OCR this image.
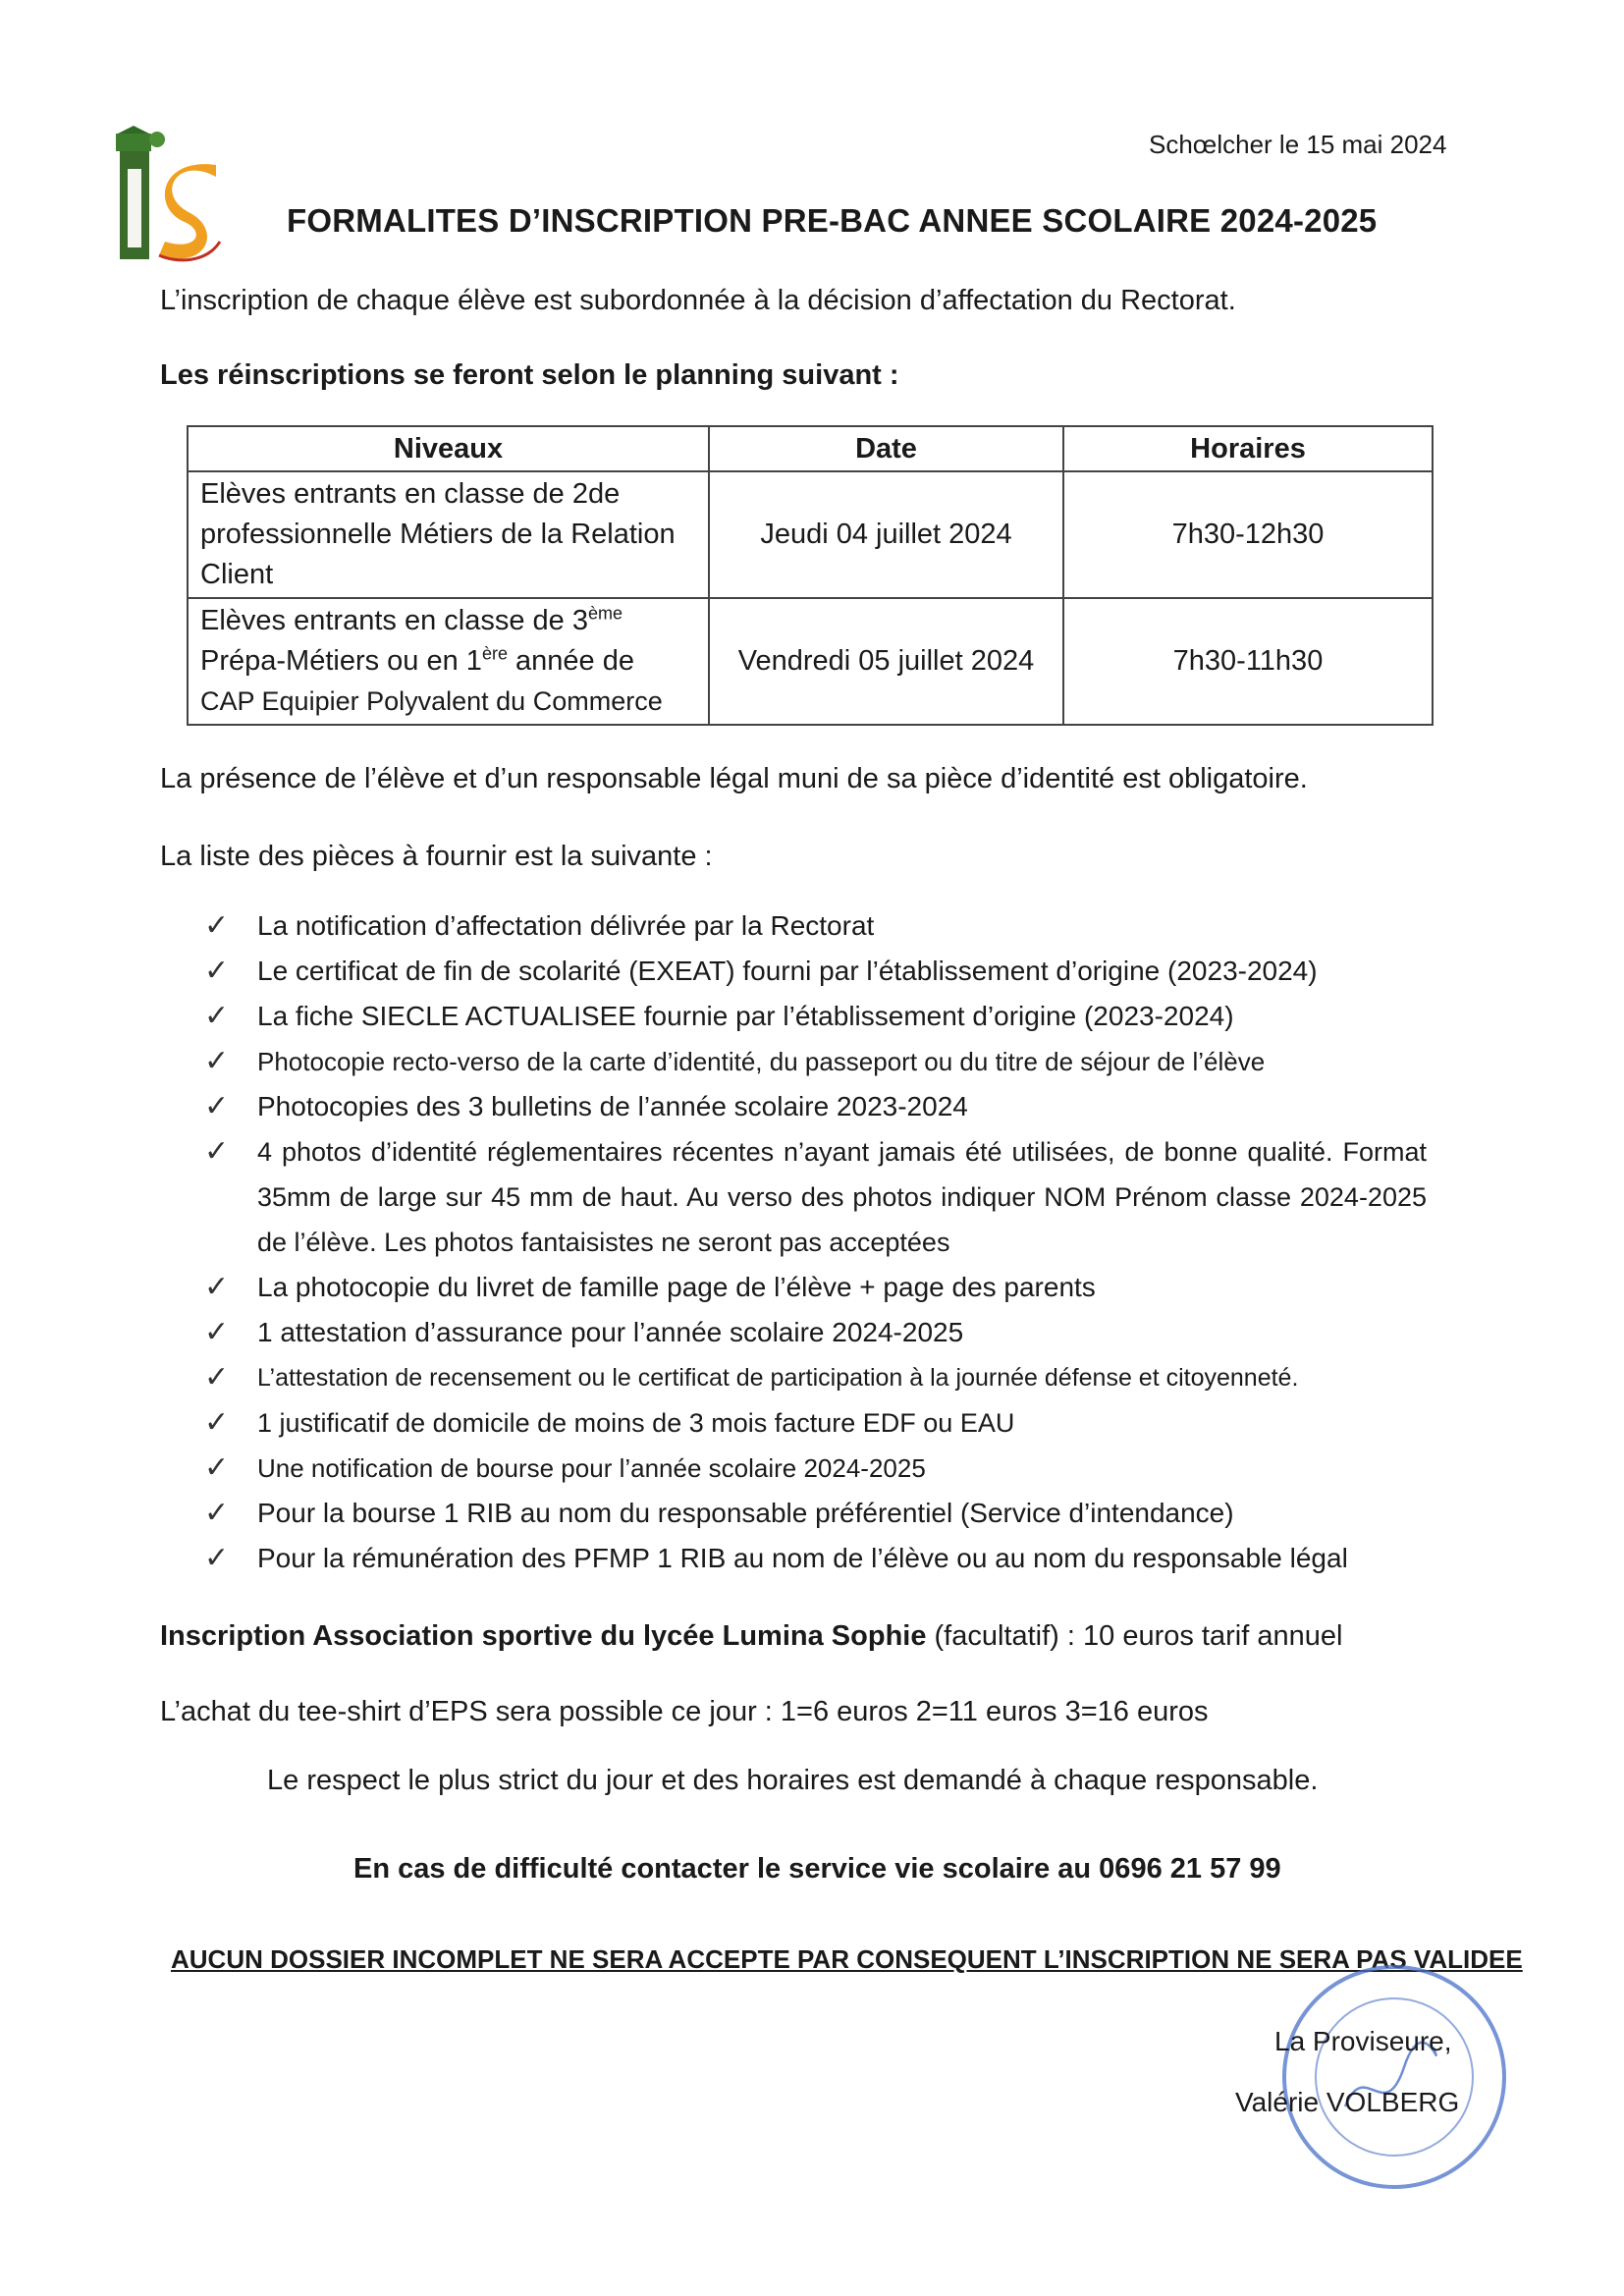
Schœlcher le 15 mai 2024
FORMALITES D’INSCRIPTION PRE-BAC ANNEE SCOLAIRE 2024-2025
L’inscription de chaque élève est subordonnée à la décision d’affectation du Rectorat.
Les réinscriptions se feront selon le planning suivant :
Niveaux	Date	Horaires
Elèves entrants en classe de 2de
professionnelle Métiers de la Relation
Client	Jeudi 04 juillet 2024	7h30-12h30
Elèves entrants en classe de 3ème
Prépa-Métiers ou en 1ère année de
CAP Equipier Polyvalent du Commerce	Vendredi 05 juillet 2024	7h30-11h30
La présence de l’élève et d’un responsable légal muni de sa pièce d’identité est obligatoire.
La liste des pièces à fournir est la suivante :
✓	La notification d’affectation délivrée par la Rectorat
✓	Le certificat de fin de scolarité (EXEAT) fourni par l’établissement d’origine (2023-2024)
✓	La fiche SIECLE ACTUALISEE fournie par l’établissement d’origine (2023-2024)
✓	Photocopie recto-verso de la carte d’identité, du passeport ou du titre de séjour de l’élève
✓	Photocopies des 3 bulletins de l’année scolaire 2023-2024
✓	4 photos d’identité réglementaires récentes n’ayant jamais été utilisées, de bonne qualité. Format 35mm de large sur 45 mm de haut. Au verso des photos indiquer NOM Prénom classe 2024-2025 de l’élève. Les photos fantaisistes ne seront pas acceptées
✓	La photocopie du livret de famille page de l’élève + page des parents
✓	1 attestation d’assurance pour l’année scolaire 2024-2025
✓	L’attestation de recensement ou le certificat de participation à la journée défense et citoyenneté.
✓	1 justificatif de domicile de moins de 3 mois facture EDF ou EAU
✓	Une notification de bourse pour l’année scolaire 2024-2025
✓	Pour la bourse 1 RIB au nom du responsable préférentiel (Service d’intendance)
✓	Pour la rémunération des PFMP 1 RIB au nom de l’élève ou au nom du responsable légal
Inscription Association sportive du lycée Lumina Sophie (facultatif) : 10 euros tarif annuel
L’achat du tee-shirt d’EPS sera possible ce jour : 1=6 euros 2=11 euros 3=16 euros
Le respect le plus strict du jour et des horaires est demandé à chaque responsable.
En cas de difficulté contacter le service vie scolaire au 0696 21 57 99
AUCUN DOSSIER INCOMPLET NE SERA ACCEPTE PAR CONSEQUENT L’INSCRIPTION NE SERA PAS VALIDEE
La Proviseure,
Valérie VOLBERG
